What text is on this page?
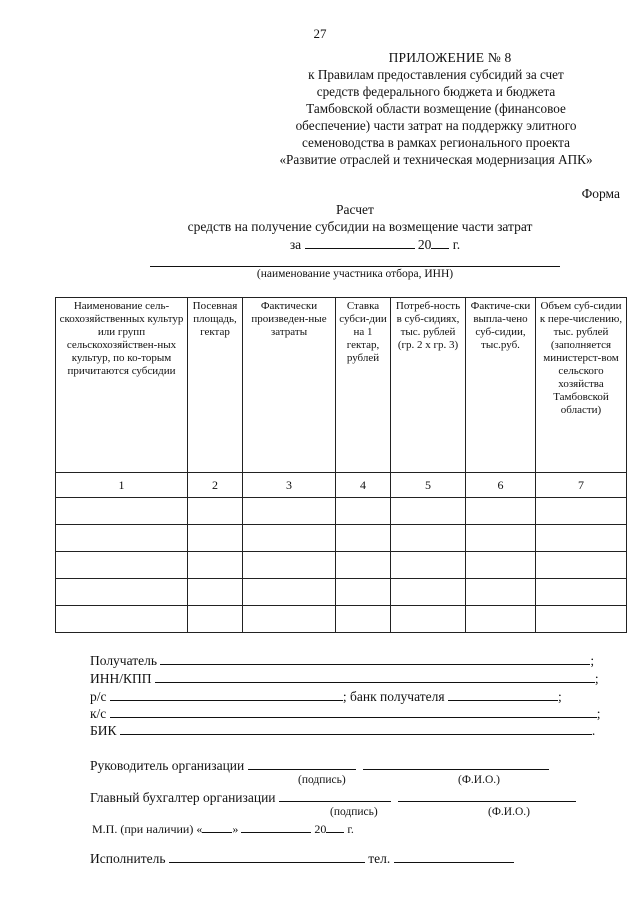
27
ПРИЛОЖЕНИЕ № 8
к Правилам предоставления субсидий за счет
средств федерального бюджета и бюджета
Тамбовской области возмещение (финансовое
обеспечение) части затрат на поддержку элитного
семеноводства в рамках регионального проекта
«Развитие отраслей и техническая модернизация АПК»
Форма
Расчет
средств на получение субсидии на возмещение части затрат
за	20 г.
(наименование участника отбора, ИНН)
Наименование сель-скохозяйственных культур или групп сельскохозяйствен-ных культур, по ко-торым причитаются субсидии	Посевная площадь, гектар	Фактически произведен-ные затраты	Ставка субси-дии на 1 гектар, рублей	Потреб-ность в суб-сидиях, тыс. рублей (гр. 2 х гр. 3)	Фактиче-ски выпла-чено суб-сидии, тыс.руб.	Объем суб-сидии к пере-числению, тыс. рублей (заполняется министерст-вом сельского хозяйства Тамбовской области)
1	2	3	4	5	6	7

Получатель	;
ИНН/КПП	;
р/с	; банк получателя	;
к/с	;
БИК	.
Руководитель организации
(подпись)	(Ф.И.О.)
Главный бухгалтер организации
(подпись)	(Ф.И.О.)
М.П. (при наличии) «	»	20 г.
Исполнитель	тел.
